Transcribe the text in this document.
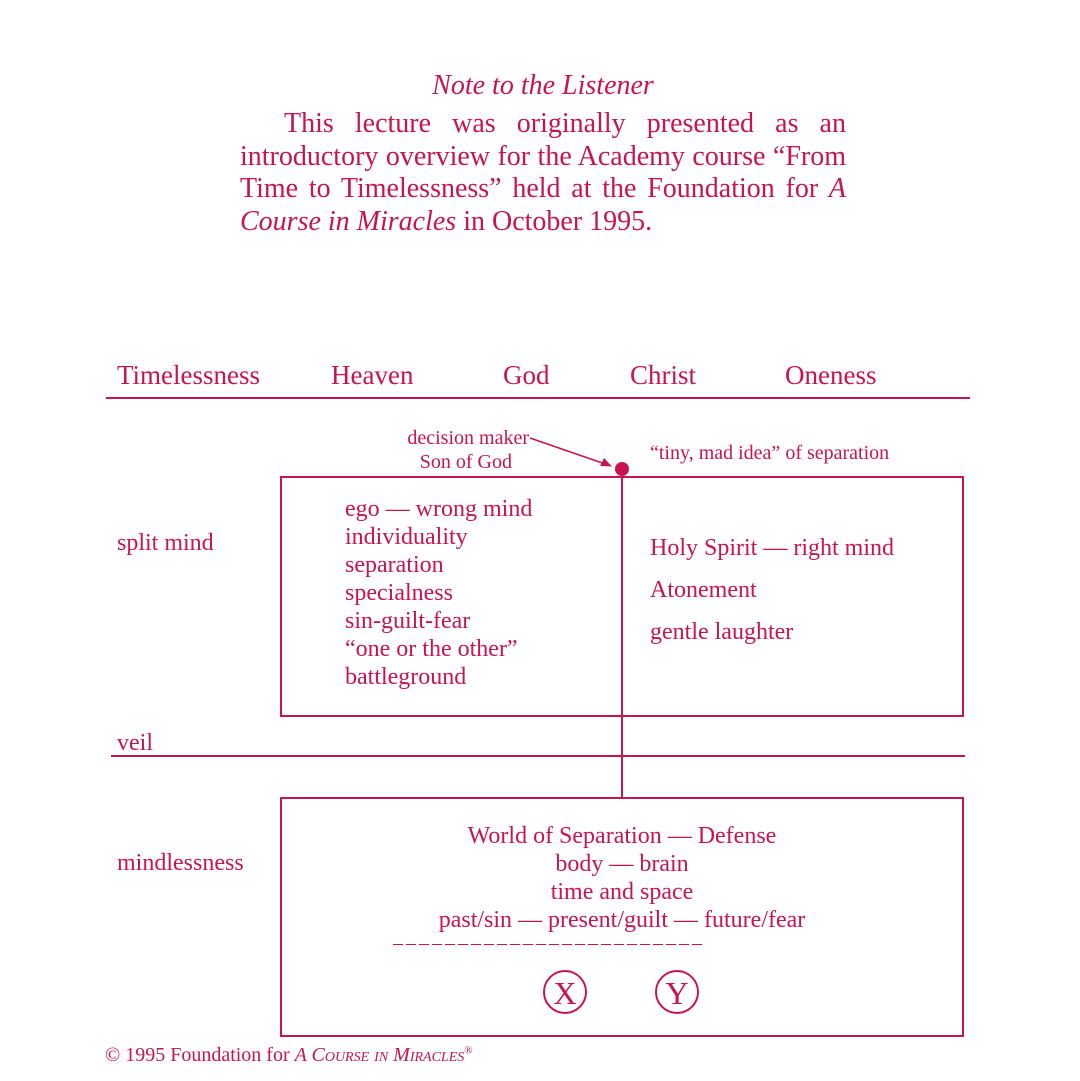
Note to the Listener
This lecture was originally presented as an introductory overview for the Academy course “From Time to Timelessness” held at the Foundation for A Course in Miracles in October 1995.
Timelessness	Heaven	God	Christ	Oneness
decision maker
Son of God	“tiny, mad idea” of separation
split mind
ego — wrong mind
individuality
separation
specialness
sin-guilt-fear
“one or the other”
battleground
Holy Spirit — right mind
Atonement
gentle laughter
veil
mindlessness
World of Separation — Defense
body — brain
time and space
past/sin — present/guilt — future/fear
– – – – – – – – – – – – – – – – – – – – – – – –
X	Y
© 1995 Foundation for A Course in Miracles®
